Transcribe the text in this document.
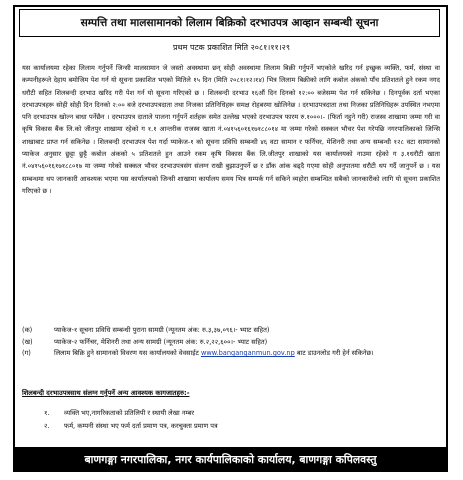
सम्पत्ति तथा मालसामानको लिलाम बिक्रिको दरभाउपत्र आव्हान सम्बन्धी सूचना
प्रथम पटक प्रकाशित मिति २०८१।११।२९

यस कार्यालयमा रहेका लिलाम गर्नुपर्ने जिन्सी मालसामान जे जस्तो अवस्थामा छन् सोही अवस्थामा लिलाम बिक्री गर्नुपर्ने भएकोले खरिद गर्न इच्छुक व्यक्ति, फर्म, संस्था वा कम्पनीहरूले देहाय बमोजिम पेश गर्न यो सूचना प्रकाशित भएको मितिले १५ दिन (मिति २०८१।१२।१४) भित्र लिलाम बिक्रीको लागि कबोल अंकको पाँच प्रतिशतले हुने रकम नगद धरौटी सहित शिलबन्दी दरभाउ खरिद गरी पेश गर्न यो सूचना गरिएको छ । शिलबन्दी दरभाउ १६औं दिन दिनको १२:०० बजेसम्म पेश गर्न सकिनेछ । दिनपूर्वक दर्ता भएका दरभाउपत्रहरू सोही सोही दिन दिनको २:०० बजे दरभाउपत्रदाता तथा निजका प्रतिनिधिहरू समक्ष रोहबरमा खोलिनेछ । दरभाउपत्रदाता तथा निजका प्रतिनिधिहरू उपस्थित नभएमा पनि दरभाउपत्र खोल्न बाधा पर्नेछैन । दरभाउपत्र दाताले पालना गर्नुपर्ने शर्तहरू समेत उल्लेख भएको दरभाउपत्र फारम रु.१०००।- (फिर्ता नहुने गरी) राजस्व शाखामा जम्मा गरी वा कृषि विकास बैंक लि.को जीतपुर शाखामा रहेको ग १.१ आन्तरीक राजस्व खाता नं.०४१५६०१६१७१८८०१४ मा जम्मा गरेको सक्कल भौचर पेश गरेपछि नगरपालिकाको जिन्सि शाखाबाट प्राप्त गर्न सकिनेछ । शिलबन्दी दरभाउपत्र पेश गर्दा प्याकेज-१ को सूचना प्रविधि सम्बन्धी ४६ वटा सामान र फर्निचर, मेशिनरी तथा अन्य सम्बन्धी १२८ वटा सामानको प्याकेज अनुसार छुट्टा छुट्टै कबोल अंकको ५ प्रतिशतले हुन आउने रकम कृषि विकास बैंक लि.जीतपुर शाखाको यस कार्यालयको नाउमा रहेको ग ३.१धरौटी खाता नं.०४१५६०१६१७१८८०१७ मा जम्मा गरेको सक्कल भौचर दरभाउपत्रसंग संलग्न राखी बुझाउनुपर्ने छ र डाँक आंक बढ्दै गएमा सोही अनुपातमा धरौटी थप गर्दै जानुपर्ने छ । यस सम्बन्धमा थप जानकारी आवश्यक भएमा यस कार्यालयको जिन्सी शाखामा कार्यालय समय भित्र सम्पर्क गर्न सकिने व्यहोरा सम्बन्धित सबैको जानकारीको लागि यो सूचना प्रकाशित गरिएको छ ।

(क)	प्याकेज-१ सूचना प्रविधि सम्बन्धी पुराना सामग्री (न्यूनतम अंक: रु.३,३७,०९६।- भ्याट सहित)
(ख)	प्याकेज-२ फर्निचर, मेशिनरी तथा अन्य सामग्री (न्यूनतम अंक: रु.२,२२,६००।- भ्याट सहित)
(ग)	लिलाम बिक्रि हुने सामानको विवरण यस कार्यालयको वेवसाईट www.banganganmun.gov.np बाट डाउनलोड गरी हेर्न सकिनेछ।
शिलबन्दी दरभाउपत्रसाथ संलग्न गर्नुपर्ने अन्य आवश्यक कागजातहरु:-
१.	व्यक्ति भए,नागरिकताको प्रतिलिपी र स्थायी लेखा नम्बर
२.	फर्म, कम्पनी संस्था भए फर्म दर्ता प्रमाण पत्र, करचुक्ता प्रमाण पत्र
बाणगङ्गा नगरपालिका, नगर कार्यपालिकाको कार्यालय, बाणगङ्गा कपिलवस्तु
